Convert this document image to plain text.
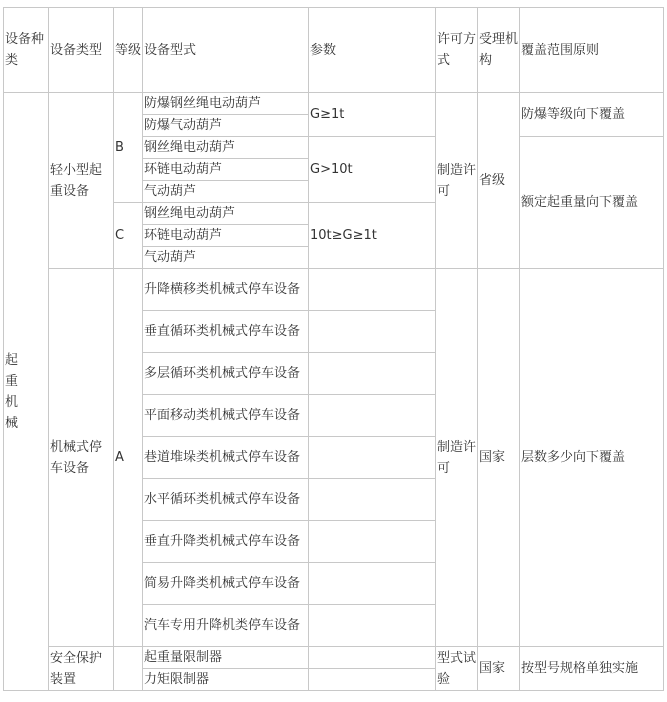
设备种类	设备类型	等级	设备型式	参数	许可方式	受理机构	覆盖范围原则
起重机械	轻小型起重设备	B	防爆钢丝绳电动葫芦	G≥1t	制造许可	省级	防爆等级向下覆盖
			防爆气动葫芦				
			钢丝绳电动葫芦	G>10t			额定起重量向下覆盖
			环链电动葫芦				
			气动葫芦				
		C	钢丝绳电动葫芦	10t≥G≥1t			
			环链电动葫芦				
			气动葫芦				
	机械式停车设备	A	升降横移类机械式停车设备		制造许可	国家	层数多少向下覆盖
			垂直循环类机械式停车设备				
			多层循环类机械式停车设备				
			平面移动类机械式停车设备				
			巷道堆垛类机械式停车设备				
			水平循环类机械式停车设备				
			垂直升降类机械式停车设备				
			简易升降类机械式停车设备				
			汽车专用升降机类停车设备				
	安全保护装置		起重量限制器		型式试验	国家	按型号规格单独实施
			力矩限制器				
